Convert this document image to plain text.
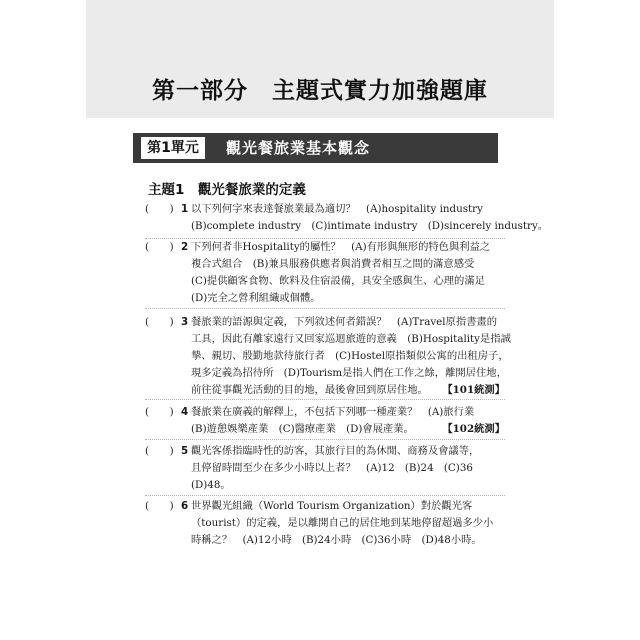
第一部分　主題式實力加強題庫
第1單元	觀光餐旅業基本觀念
主題1　觀光餐旅業的定義
(　　) 1 以下列何字來表達餐旅業最為適切？　(A)hospitality industry
(B)complete industry　(C)intimate industry　(D)sincerely industry。
(　　) 2 下列何者非Hospitality的屬性？　(A)有形與無形的特色與利益之
複合式組合　(B)兼具服務供應者與消費者相互之間的滿意感受
(C)提供顧客食物、飲料及住宿設備，具安全感與生、心理的滿足
(D)完全之營利組織或個體。
(　　) 3 餐旅業的語源與定義，下列敘述何者錯誤？　(A)Travel原指書畫的
工具，因此有離家遠行又回家巡迴旅遊的意義　(B)Hospitality是指誠
摯、親切、殷勤地款待旅行者　(C)Hostel原指類似公寓的出租房子，
現多定義為招待所　(D)Tourism是指人們在工作之餘，離開居住地，
前往從事觀光活動的目的地，最後會回到原居住地。 【101統測】
(　　) 4 餐旅業在廣義的解釋上，不包括下列哪一種產業？　(A)旅行業
(B)遊憩娛樂產業　(C)醫療產業　(D)會展產業。	【102統測】
(　　) 5 觀光客係指臨時性的訪客，其旅行目的為休閒、商務及會議等，
且停留時間至少在多少小時以上者？　(A)12　(B)24　(C)36
(D)48。
(　　) 6 世界觀光組織（World Tourism Organization）對於觀光客
（tourist）的定義，是以離開自己的居住地到某地停留超過多少小
時稱之？　(A)12小時　(B)24小時　(C)36小時　(D)48小時。
